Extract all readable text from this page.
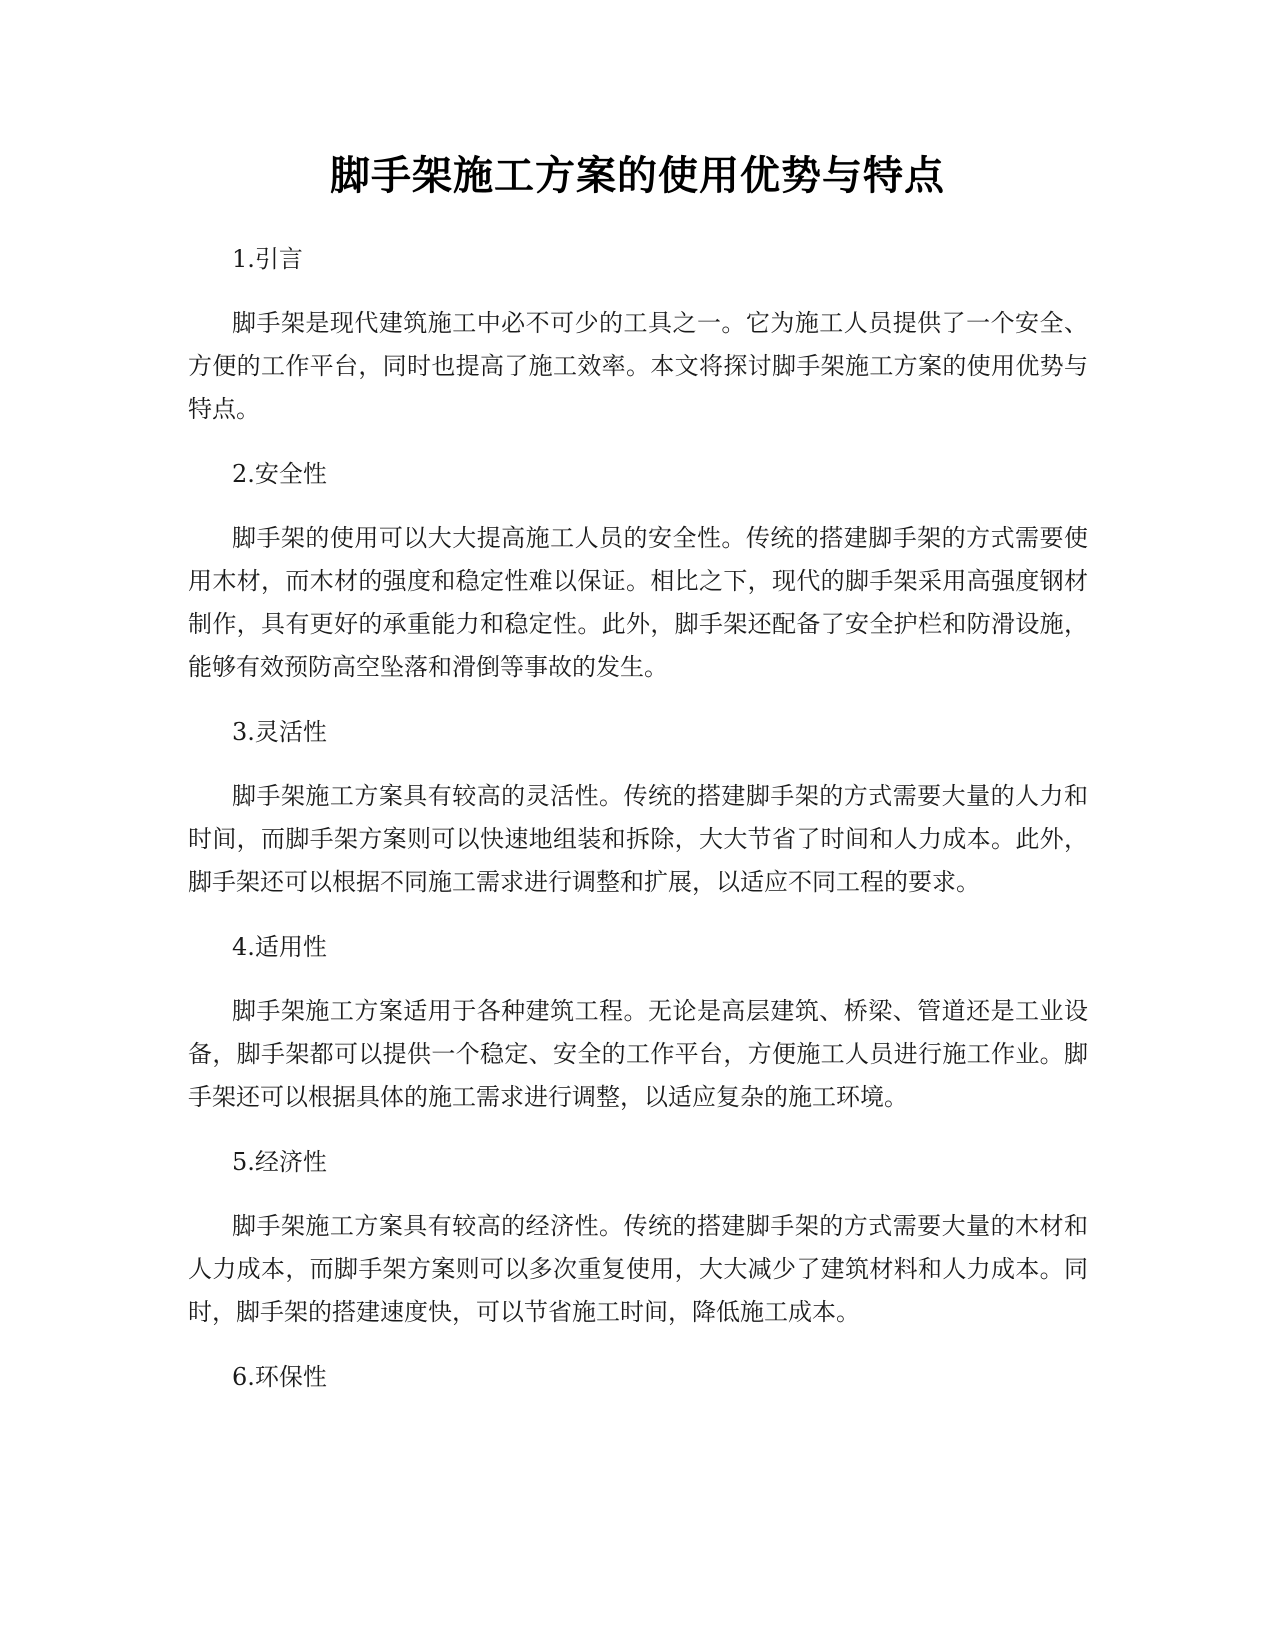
脚手架施工方案的使用优势与特点

1.引言

脚手架是现代建筑施工中必不可少的工具之一。它为施工人员提供了一个安全、方便的工作平台，同时也提高了施工效率。本文将探讨脚手架施工方案的使用优势与特点。

2.安全性

脚手架的使用可以大大提高施工人员的安全性。传统的搭建脚手架的方式需要使用木材，而木材的强度和稳定性难以保证。相比之下，现代的脚手架采用高强度钢材制作，具有更好的承重能力和稳定性。此外，脚手架还配备了安全护栏和防滑设施，能够有效预防高空坠落和滑倒等事故的发生。

3.灵活性

脚手架施工方案具有较高的灵活性。传统的搭建脚手架的方式需要大量的人力和时间，而脚手架方案则可以快速地组装和拆除，大大节省了时间和人力成本。此外，脚手架还可以根据不同施工需求进行调整和扩展，以适应不同工程的要求。

4.适用性

脚手架施工方案适用于各种建筑工程。无论是高层建筑、桥梁、管道还是工业设备，脚手架都可以提供一个稳定、安全的工作平台，方便施工人员进行施工作业。脚手架还可以根据具体的施工需求进行调整，以适应复杂的施工环境。

5.经济性

脚手架施工方案具有较高的经济性。传统的搭建脚手架的方式需要大量的木材和人力成本，而脚手架方案则可以多次重复使用，大大减少了建筑材料和人力成本。同时，脚手架的搭建速度快，可以节省施工时间，降低施工成本。

6.环保性
